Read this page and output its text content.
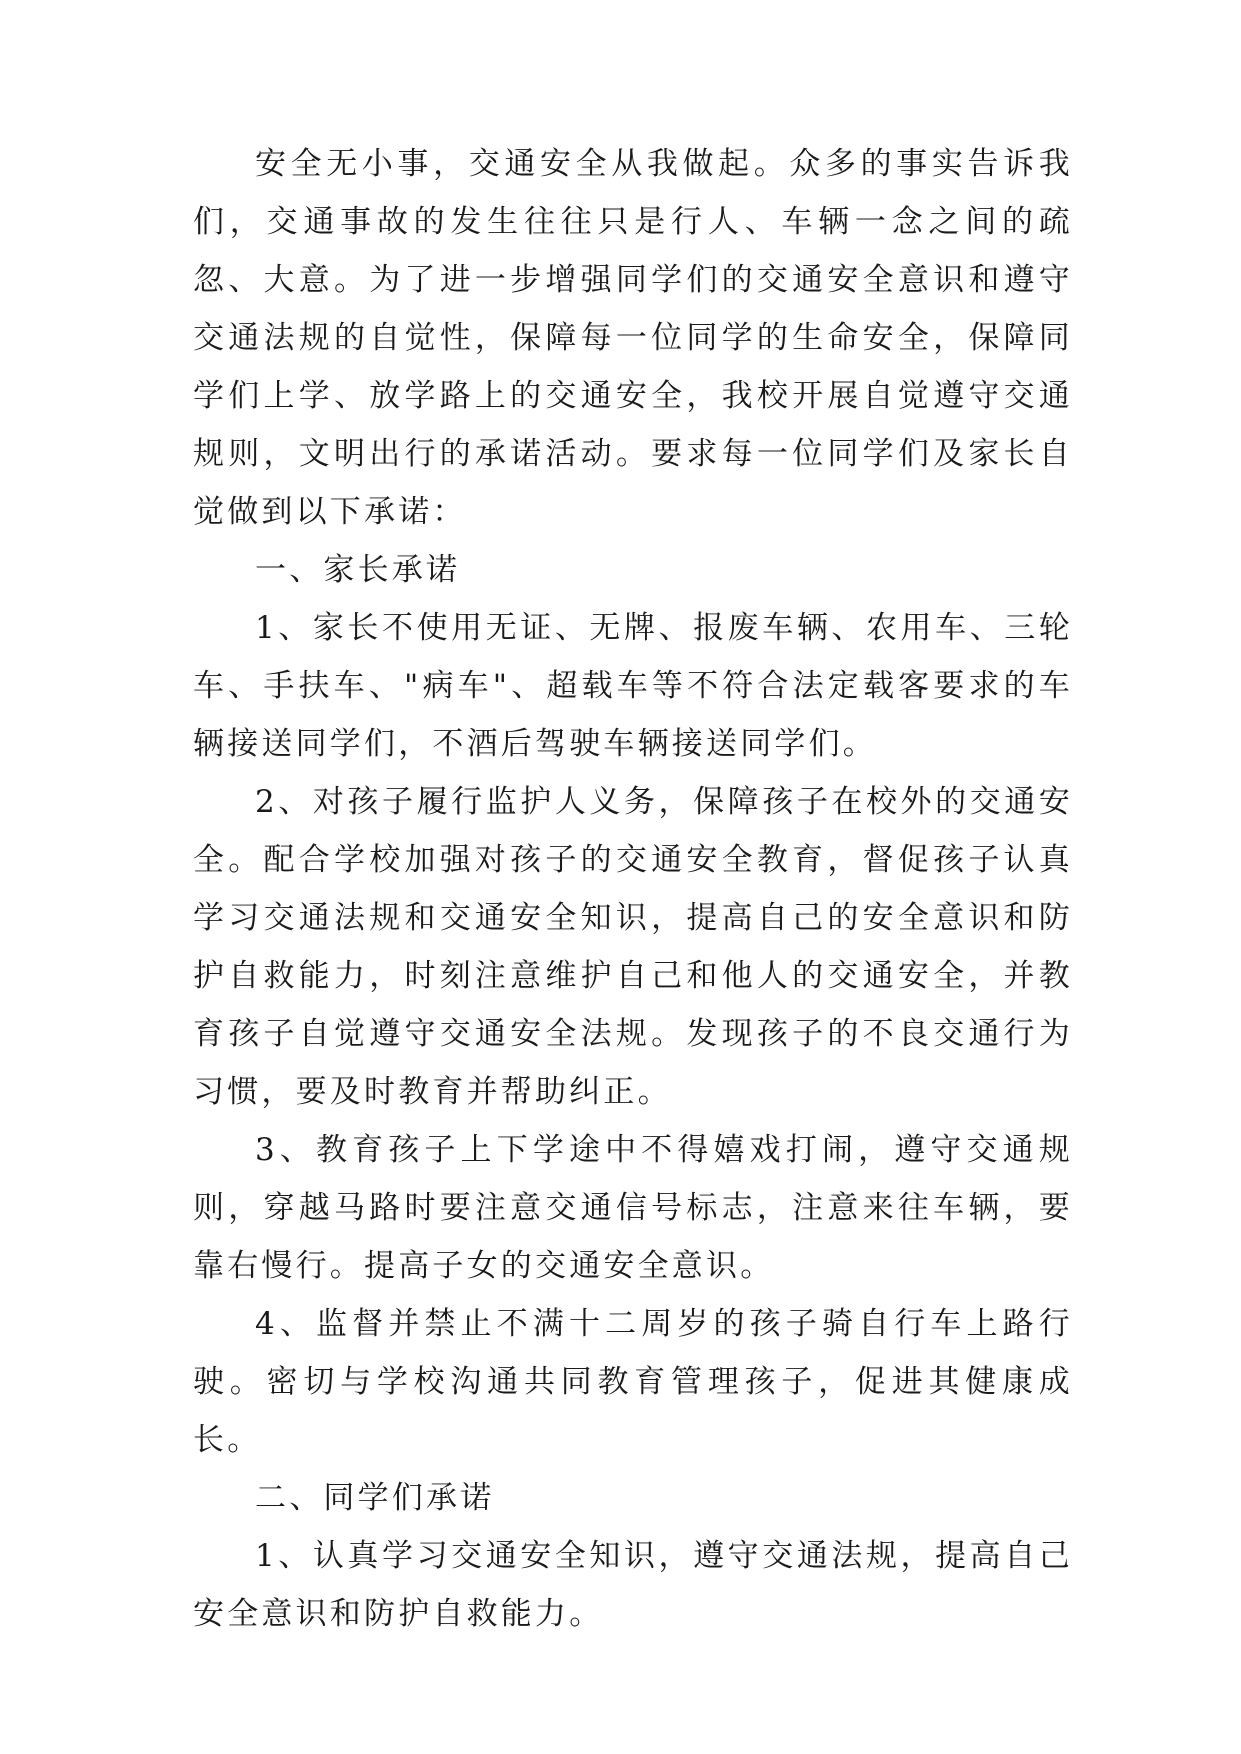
安全无小事，交通安全从我做起。众多的事实告诉我们，交通事故的发生往往只是行人、车辆一念之间的疏忽、大意。为了进一步增强同学们的交通安全意识和遵守交通法规的自觉性，保障每一位同学的生命安全，保障同学们上学、放学路上的交通安全，我校开展自觉遵守交通规则，文明出行的承诺活动。要求每一位同学们及家长自觉做到以下承诺：

一、家长承诺

1、家长不使用无证、无牌、报废车辆、农用车、三轮车、手扶车、"病车"、超载车等不符合法定载客要求的车辆接送同学们，不酒后驾驶车辆接送同学们。

2、对孩子履行监护人义务，保障孩子在校外的交通安全。配合学校加强对孩子的交通安全教育，督促孩子认真学习交通法规和交通安全知识，提高自己的安全意识和防护自救能力，时刻注意维护自己和他人的交通安全，并教育孩子自觉遵守交通安全法规。发现孩子的不良交通行为习惯，要及时教育并帮助纠正。

3、教育孩子上下学途中不得嬉戏打闹，遵守交通规则，穿越马路时要注意交通信号标志，注意来往车辆，要靠右慢行。提高子女的交通安全意识。

4、监督并禁止不满十二周岁的孩子骑自行车上路行驶。密切与学校沟通共同教育管理孩子，促进其健康成长。

二、同学们承诺

1、认真学习交通安全知识，遵守交通法规，提高自己安全意识和防护自救能力。
